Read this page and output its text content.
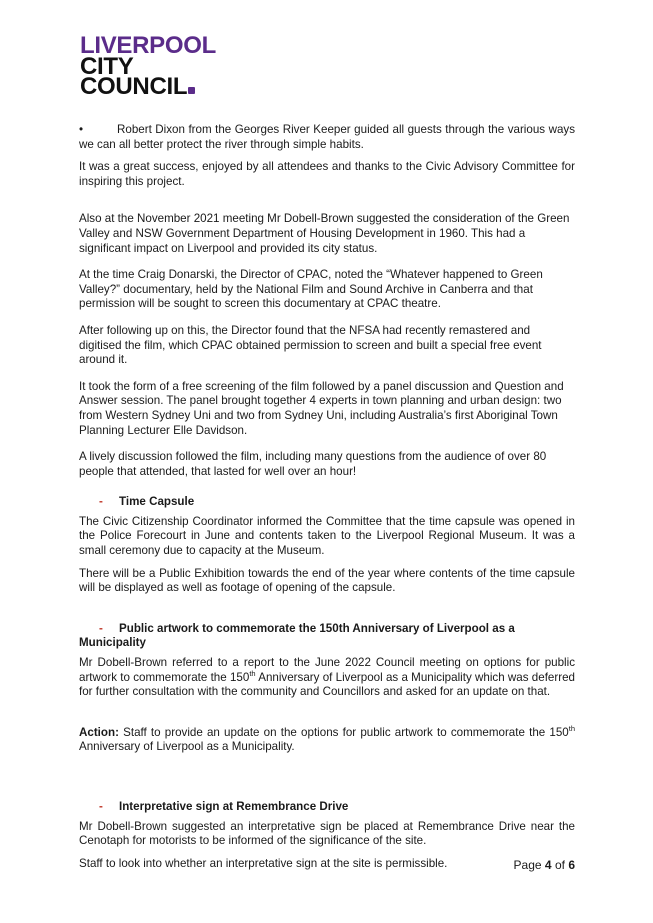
LIVERPOOL
CITY
COUNCIL

•	Robert Dixon from the Georges River Keeper guided all guests through the various ways we can all better protect the river through simple habits.

It was a great success, enjoyed by all attendees and thanks to the Civic Advisory Committee for inspiring this project.

Also at the November 2021 meeting Mr Dobell-Brown suggested the consideration of the Green Valley and NSW Government Department of Housing Development in 1960. This had a significant impact on Liverpool and provided its city status.

At the time Craig Donarski, the Director of CPAC, noted the “Whatever happened to Green Valley?” documentary, held by the National Film and Sound Archive in Canberra and that permission will be sought to screen this documentary at CPAC theatre.

After following up on this, the Director found that the NFSA had recently remastered and digitised the film, which CPAC obtained permission to screen and built a special free event around it.

It took the form of a free screening of the film followed by a panel discussion and Question and Answer session. The panel brought together 4 experts in town planning and urban design: two from Western Sydney Uni and two from Sydney Uni, including Australia’s first Aboriginal Town Planning Lecturer Elle Davidson.

A lively discussion followed the film, including many questions from the audience of over 80 people that attended, that lasted for well over an hour!

- Time Capsule

The Civic Citizenship Coordinator informed the Committee that the time capsule was opened in the Police Forecourt in June and contents taken to the Liverpool Regional Museum. It was a small ceremony due to capacity at the Museum.

There will be a Public Exhibition towards the end of the year where contents of the time capsule will be displayed as well as footage of opening of the capsule.

- Public artwork to commemorate the 150th Anniversary of Liverpool as a Municipality

Mr Dobell-Brown referred to a report to the June 2022 Council meeting on options for public artwork to commemorate the 150th Anniversary of Liverpool as a Municipality which was deferred for further consultation with the community and Councillors and asked for an update on that.

Action: Staff to provide an update on the options for public artwork to commemorate the 150th Anniversary of Liverpool as a Municipality.

- Interpretative sign at Remembrance Drive

Mr Dobell-Brown suggested an interpretative sign be placed at Remembrance Drive near the Cenotaph for motorists to be informed of the significance of the site.

Staff to look into whether an interpretative sign at the site is permissible.	Page 4 of 6
